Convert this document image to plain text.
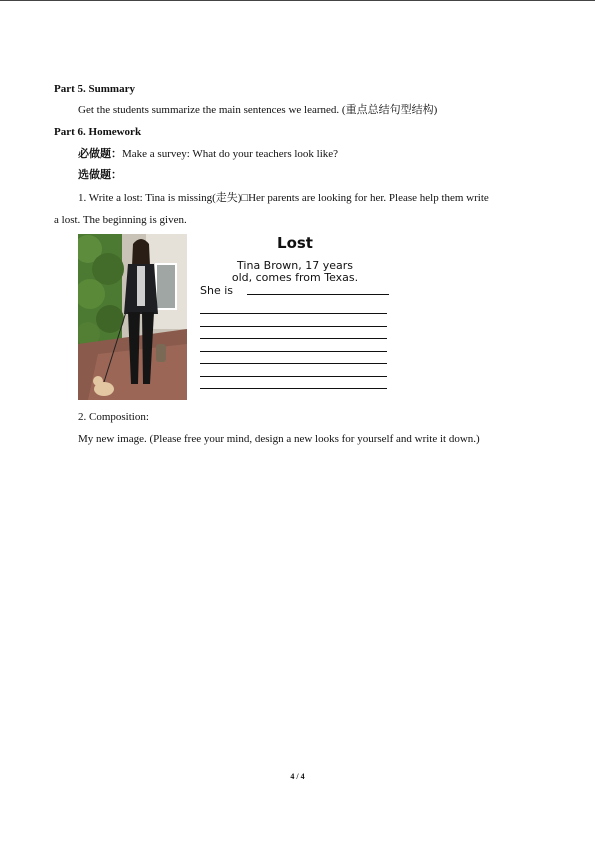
Part 5. Summary
Get the students summarize the main sentences we learned. (重点总结句型结构)
Part 6. Homework
必做题：Make a survey: What do your teachers look like?
选做题：
1. Write a lost: Tina is missing(走失)□Her parents are looking for her. Please help them write
a lost. The beginning is given.
Lost
Tina Brown, 17 years
old, comes from Texas.
She is
2. Composition:
My new image. (Please free your mind, design a new looks for yourself and write it down.)
4 / 4
